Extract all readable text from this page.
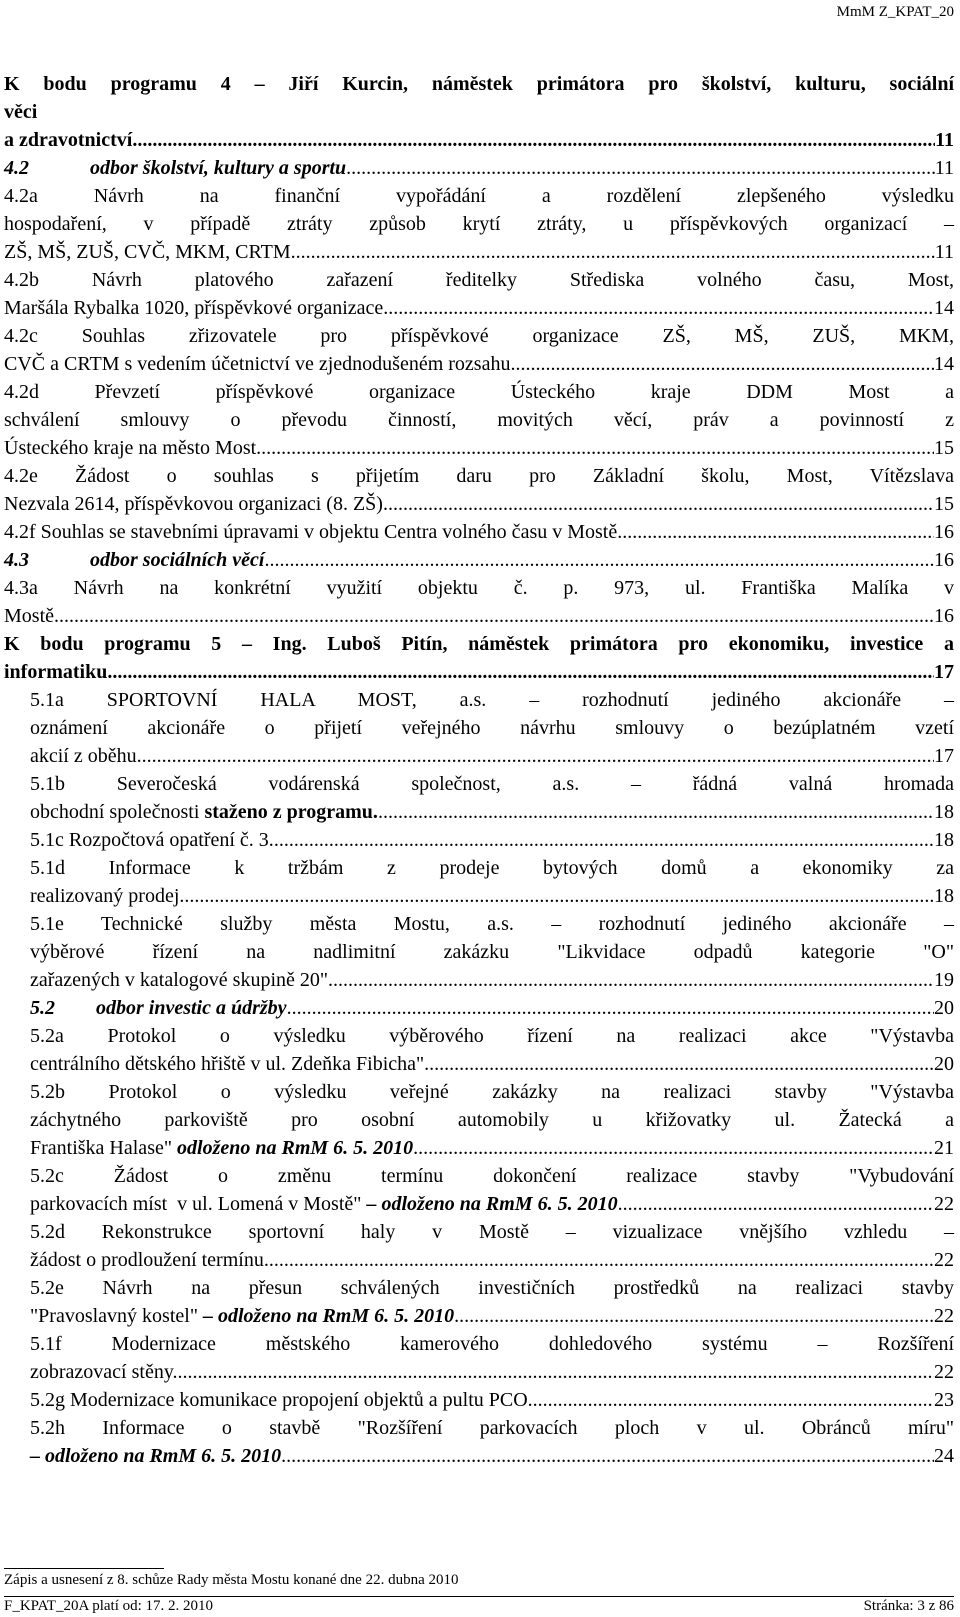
MmM Z_KPAT_20
K bodu programu 4 – Jiří Kurcin, náměstek primátora pro školství, kulturu, sociální
věci
a zdravotnictví .....	11
4.2	odbor školství, kultury a sportu .....	11
4.2a Návrh na finanční vypořádání a rozdělení zlepšeného výsledku
hospodaření, v případě ztráty způsob krytí ztráty, u příspěvkových organizací –
ZŠ, MŠ, ZUŠ, CVČ, MKM, CRTM. .....	11
4.2b Návrh platového zařazení ředitelky Střediska volného času, Most,
Maršála Rybalka 1020, příspěvkové organizace. .....	14
4.2c Souhlas zřizovatele pro příspěvkové organizace ZŠ, MŠ, ZUŠ, MKM,
CVČ a CRTM s vedením účetnictví ve zjednodušeném rozsahu. .....	14
4.2d Převzetí příspěvkové organizace Ústeckého kraje DDM Most a
schválení smlouvy o převodu činností, movitých věcí, práv a povinností z
Ústeckého kraje na město Most. .....	15
4.2e Žádost o souhlas s přijetím daru pro Základní školu, Most, Vítězslava
Nezvala 2614, příspěvkovou organizaci (8. ZŠ). .....	15
4.2f Souhlas se stavebními úpravami v objektu Centra volného času v Mostě. .....	16
4.3	odbor sociálních věcí .....	16
4.3a Návrh na konkrétní využití objektu č. p. 973, ul. Františka Malíka v
Mostě. .....	16
K bodu programu 5 – Ing. Luboš Pitín, náměstek primátora pro ekonomiku, investice a
informatiku .....	17
5.1a SPORTOVNÍ HALA MOST, a.s. – rozhodnutí jediného akcionáře –
oznámení akcionáře o přijetí veřejného návrhu smlouvy o bezúplatném vzetí
akcií z oběhu. .....	17
5.1b Severočeská vodárenská společnost, a.s. – řádná valná hromada
obchodní společnosti staženo z programu. .....	18
5.1c Rozpočtová opatření č. 3. .....	18
5.1d Informace k tržbám z prodeje bytových domů a ekonomiky za
realizovaný prodej. .....	18
5.1e Technické služby města Mostu, a.s. – rozhodnutí jediného akcionáře –
výběrové řízení na nadlimitní zakázku "Likvidace odpadů kategorie "O"
zařazených v katalogové skupině 20". .....	19
5.2	odbor investic a údržby .....	20
5.2a Protokol o výsledku výběrového řízení na realizaci akce "Výstavba
centrálního dětského hřiště v ul. Zdeňka Fibicha". .....	20
5.2b Protokol o výsledku veřejné zakázky na realizaci stavby "Výstavba
záchytného parkoviště pro osobní automobily u křižovatky ul. Žatecká a
Františka Halase" odloženo na RmM 6. 5. 2010 . .....	21
5.2c Žádost o změnu termínu dokončení realizace stavby "Vybudování
parkovacích míst  v ul. Lomená v Mostě" – odloženo na RmM 6. 5. 2010 . .....	22
5.2d Rekonstrukce sportovní haly v Mostě – vizualizace vnějšího vzhledu –
žádost o prodloužení termínu. .....	22
5.2e Návrh na přesun schválených investičních prostředků na realizaci stavby
"Pravoslavný kostel" – odloženo na RmM 6. 5. 2010 . .....	22
5.1f Modernizace městského kamerového dohledového systému – Rozšíření
zobrazovací stěny. .....	22
5.2g Modernizace komunikace propojení objektů a pultu PCO. .....	23
5.2h Informace o stavbě "Rozšíření parkovacích ploch v ul. Obránců míru"
– odloženo na RmM 6. 5. 2010 . .....	24
Zápis a usnesení z 8. schůze Rady města Mostu konané dne 22. dubna 2010
F_KPAT_20A platí od: 17. 2. 2010	Stránka: 3 z 86
